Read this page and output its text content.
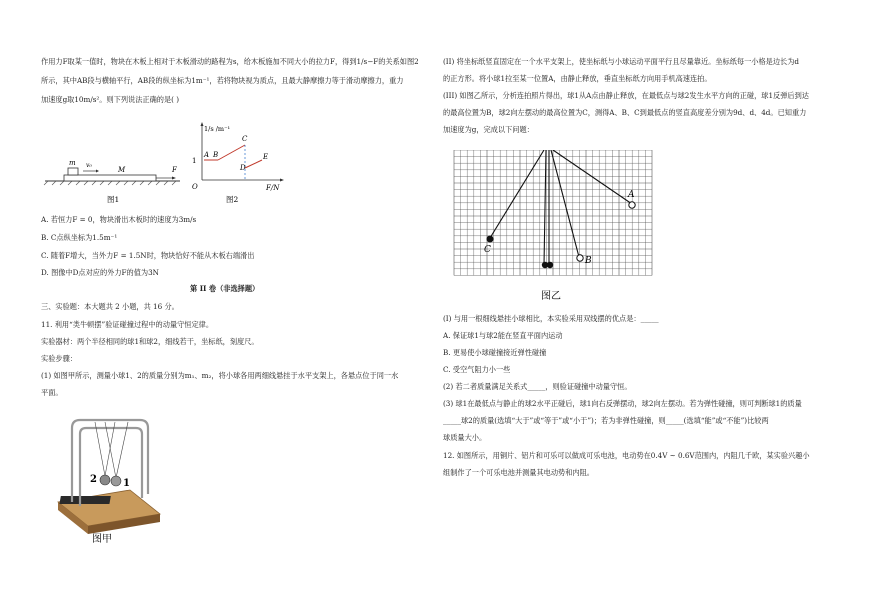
作用力F取某一值时，物块在木板上相对于木板滑动的路程为s，给木板施加不同大小的拉力F，得到1/s−F的关系如图2
所示，其中AB段与横轴平行，AB段的纵坐标为1m⁻¹，若将物块视为质点，且最大静摩擦力等于滑动摩擦力，重力
加速度g取10m/s²。则下列说法正确的是( )
m v₀
M	F
图1
1/s /m⁻¹
1
A B
C
D
E
O	F/N
图2
A. 若恒力F = 0，物块滑出木板时的速度为3m/s
B. C点纵坐标为1.5m⁻¹
C. 随着F增大，当外力F = 1.5N时，物块恰好不能从木板右端滑出
D. 图像中D点对应的外力F的值为3N
第 II 卷（非选择题）
三、实验题：本大题共 2 小题，共 16 分。
11. 利用“类牛顿摆”验证碰撞过程中的动量守恒定律。
实验器材：两个半径相同的球1和球2，细线若干，坐标纸，刻度尺。
实验步骤：
(1) 如图甲所示，测量小球1、2的质量分别为m₁、m₂，将小球各用两细线悬挂于水平支架上，各悬点位于同一水
平面。
2	1
图甲
(II) 将坐标纸竖直固定在一个水平支架上，使坐标纸与小球运动平面平行且尽量靠近。坐标纸每一小格是边长为d
的正方形。将小球1拉至某一位置A，由静止释放，垂直坐标纸方向用手机高速连拍。
(III) 如图乙所示，分析连拍照片得出，球1从A点由静止释放，在最低点与球2发生水平方向的正碰，球1反弹后到达
的最高位置为B，球2向左摆动的最高位置为C，测得A、B、C到最低点的竖直高度差分别为9d、d、4d。已知重力
加速度为g，完成以下问题：
A
B
C
图乙
(I) 与用一根细线悬挂小球相比，本实验采用双线摆的优点是：_____
A. 保证球1与球2能在竖直平面内运动
B. 更易使小球碰撞接近弹性碰撞
C. 受空气阻力小一些
(2) 若二者质量满足关系式_____，则验证碰撞中动量守恒。
(3) 球1在最低点与静止的球2水平正碰后，球1向右反弹摆动，球2向左摆动。若为弹性碰撞，则可判断球1的质量
_____球2的质量(选填“大于”或“等于”或“小于”)；若为非弹性碰撞，则_____(选填“能”或“不能”)比较两
球质量大小。
12. 如图所示，用铜片、铝片和可乐可以做成可乐电池，电动势在0.4V ~ 0.6V范围内，内阻几千欧，某实验兴趣小
组制作了一个可乐电池并测量其电动势和内阻。
